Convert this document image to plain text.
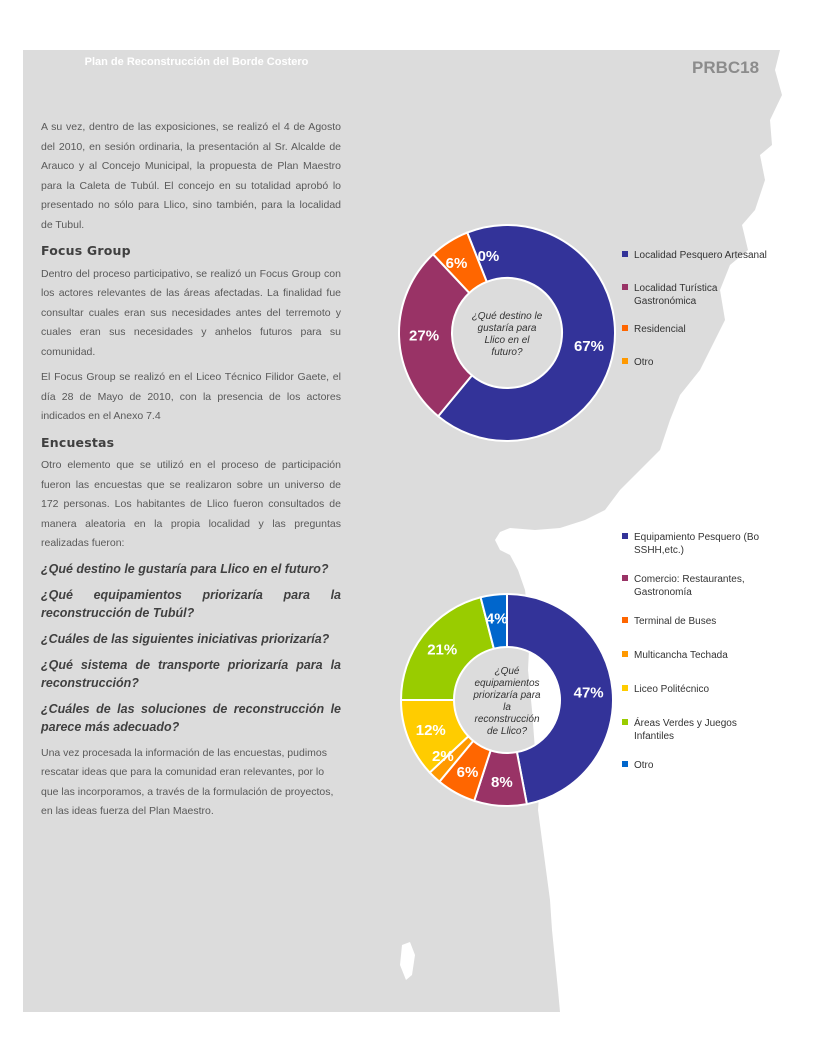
Plan de Reconstrucción del Borde Costero

A su vez, dentro de las exposiciones, se realizó el 4 de Agosto del 2010, en sesión ordinaria, la presentación al Sr. Alcalde de Arauco y al Concejo Municipal, la propuesta de Plan Maestro para la Caleta de Tubúl. El concejo en su totalidad aprobó lo presentado no sólo para Llico, sino también, para la localidad de Tubul.

Focus Group

Dentro del proceso participativo, se realizó un Focus Group con los actores relevantes de las áreas afectadas. La finalidad fue consultar cuales eran sus necesidades antes del terremoto y cuales eran sus necesidades y anhelos futuros para su comunidad.

El Focus Group se realizó en el Liceo Técnico Filidor Gaete, el día 28 de Mayo de 2010, con la presencia de los actores indicados en el Anexo 7.4

Encuestas

Otro elemento que se utilizó en el proceso de participación fueron las encuestas que se realizaron sobre un universo de 172 personas. Los habitantes de Llico fueron consultados de manera aleatoria en la propia localidad y las preguntas realizadas fueron:

¿Qué destino le gustaría para Llico en el futuro?

¿Qué equipamientos priorizaría para la reconstrucción de Tubúl?

¿Cuáles de las siguientes iniciativas priorizaría?

¿Qué sistema de transporte priorizaría para la reconstrucción?

¿Cuáles de las soluciones de reconstrucción le parece más adecuado?

Una vez procesada la información de las encuestas, pudimos rescatar ideas que para la comunidad eran relevantes, por lo que las incorporamos, a través de la formulación de proyectos, en las ideas fuerza del Plan Maestro.

PRBC18
19
67%
27%
6% 0%
¿Qué destino le
gustaría para
Llico en el
futuro?
Localidad Pesquero Artesanal
Localidad Turística
Gastronómica
Residencial
Otro
47%
8%
6%
2%
12%
21%
4%
¿Qué
equipamientos
priorizaría para
la
reconstrucción
de Llico?
Equipamiento Pesquero (Bo
SSHH,etc.)
Comercio: Restaurantes,
Gastronomía
Terminal de Buses
Multicancha Techada
Liceo Politécnico
Áreas Verdes y Juegos
Infantiles
Otro
